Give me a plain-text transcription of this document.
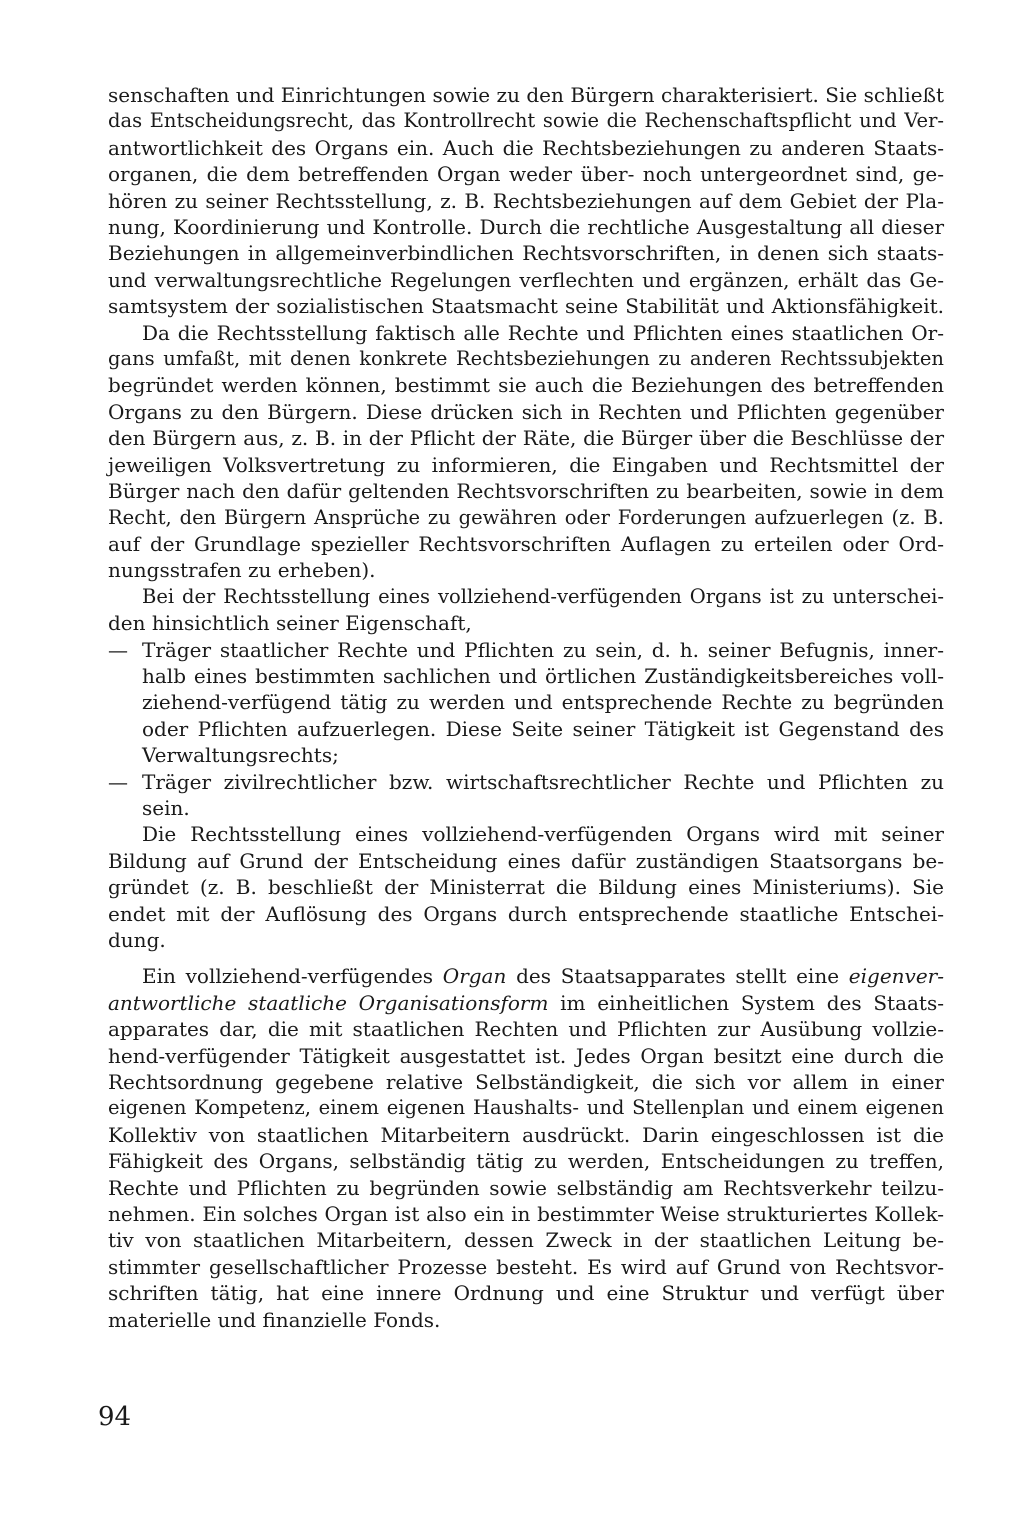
senschaften und Einrichtungen sowie zu den Bürgern charakterisiert. Sie schließt
das Entscheidungsrecht, das Kontrollrecht sowie die Rechenschaftspflicht und Ver-
antwortlichkeit des Organs ein. Auch die Rechtsbeziehungen zu anderen Staats-
organen, die dem betreffenden Organ weder über- noch untergeordnet sind, ge-
hören zu seiner Rechtsstellung, z. B. Rechtsbeziehungen auf dem Gebiet der Pla-
nung, Koordinierung und Kontrolle. Durch die rechtliche Ausgestaltung all dieser
Beziehungen in allgemeinverbindlichen Rechtsvorschriften, in denen sich staats-
und verwaltungsrechtliche Regelungen verflechten und ergänzen, erhält das Ge-
samtsystem der sozialistischen Staatsmacht seine Stabilität und Aktionsfähigkeit.
Da die Rechtsstellung faktisch alle Rechte und Pflichten eines staatlichen Or-
gans umfaßt, mit denen konkrete Rechtsbeziehungen zu anderen Rechtssubjekten
begründet werden können, bestimmt sie auch die Beziehungen des betreffenden
Organs zu den Bürgern. Diese drücken sich in Rechten und Pflichten gegenüber
den Bürgern aus, z. B. in der Pflicht der Räte, die Bürger über die Beschlüsse der
jeweiligen Volksvertretung zu informieren, die Eingaben und Rechtsmittel der
Bürger nach den dafür geltenden Rechtsvorschriften zu bearbeiten, sowie in dem
Recht, den Bürgern Ansprüche zu gewähren oder Forderungen aufzuerlegen (z. B.
auf der Grundlage spezieller Rechtsvorschriften Auflagen zu erteilen oder Ord-
nungsstrafen zu erheben).
Bei der Rechtsstellung eines vollziehend-verfügenden Organs ist zu unterschei-
den hinsichtlich seiner Eigenschaft,
— Träger staatlicher Rechte und Pflichten zu sein, d. h. seiner Befugnis, inner-
halb eines bestimmten sachlichen und örtlichen Zuständigkeitsbereiches voll-
ziehend-verfügend tätig zu werden und entsprechende Rechte zu begründen
oder Pflichten aufzuerlegen. Diese Seite seiner Tätigkeit ist Gegenstand des
Verwaltungsrechts;
— Träger zivilrechtlicher bzw. wirtschaftsrechtlicher Rechte und Pflichten zu
sein.
Die Rechtsstellung eines vollziehend-verfügenden Organs wird mit seiner
Bildung auf Grund der Entscheidung eines dafür zuständigen Staatsorgans be-
gründet (z. B. beschließt der Ministerrat die Bildung eines Ministeriums). Sie
endet mit der Auflösung des Organs durch entsprechende staatliche Entschei-
dung.
Ein vollziehend-verfügendes Organ des Staatsapparates stellt eine eigenver-
antwortliche staatliche Organisationsform im einheitlichen System des Staats-
apparates dar, die mit staatlichen Rechten und Pflichten zur Ausübung vollzie-
hend-verfügender Tätigkeit ausgestattet ist. Jedes Organ besitzt eine durch die
Rechtsordnung gegebene relative Selbständigkeit, die sich vor allem in einer
eigenen Kompetenz, einem eigenen Haushalts- und Stellenplan und einem eigenen
Kollektiv von staatlichen Mitarbeitern ausdrückt. Darin eingeschlossen ist die
Fähigkeit des Organs, selbständig tätig zu werden, Entscheidungen zu treffen,
Rechte und Pflichten zu begründen sowie selbständig am Rechtsverkehr teilzu-
nehmen. Ein solches Organ ist also ein in bestimmter Weise strukturiertes Kollek-
tiv von staatlichen Mitarbeitern, dessen Zweck in der staatlichen Leitung be-
stimmter gesellschaftlicher Prozesse besteht. Es wird auf Grund von Rechtsvor-
schriften tätig, hat eine innere Ordnung und eine Struktur und verfügt über
materielle und finanzielle Fonds.
94
